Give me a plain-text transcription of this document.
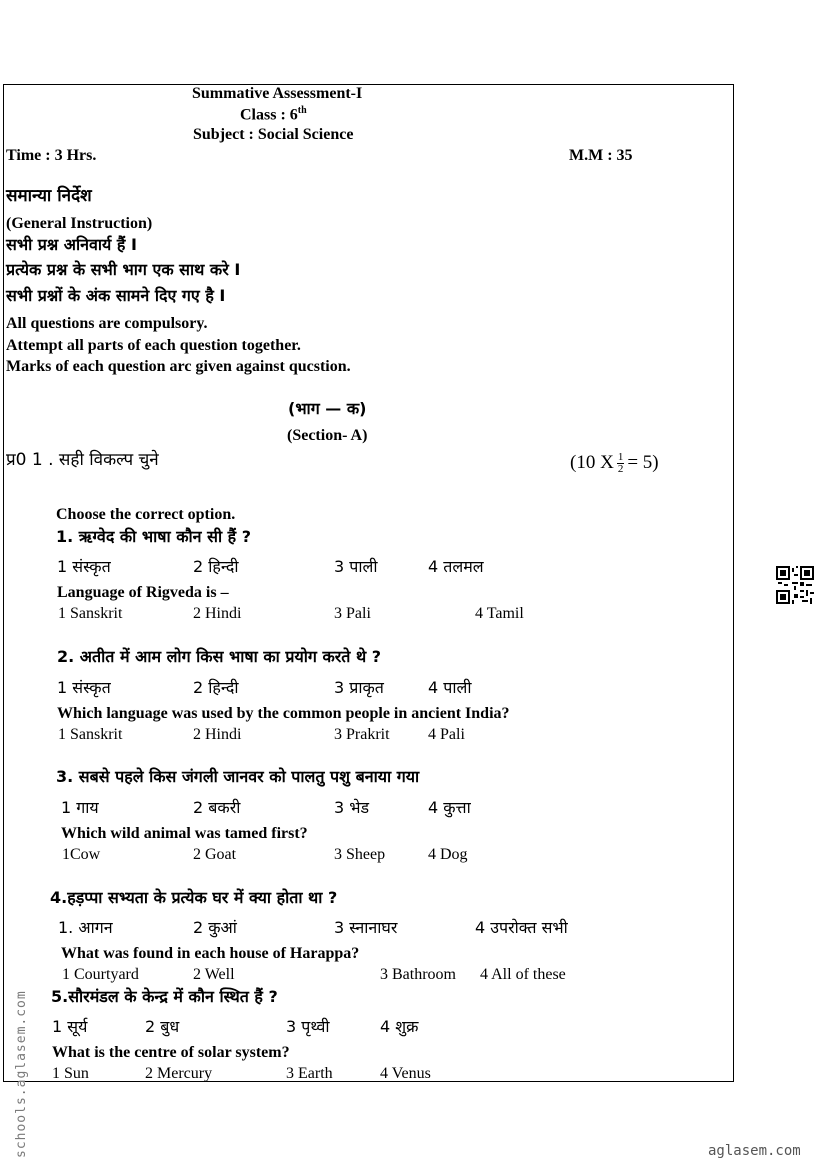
Summative Assessment-I
Class : 6th
Subject : Social Science
Time : 3 Hrs.	M.M : 35
समान्या निर्देश
(General Instruction)
सभी प्रश्न अनिवार्य हैं I
प्रत्येक प्रश्न के सभी भाग एक साथ करे I
सभी प्रश्नों के अंक सामने दिए गए है I
All questions are compulsory.
Attempt all parts of each question together.
Marks of each question arc given against qucstion.
(भाग — क)
(Section- A)
प्र0 1 . सही विकल्प चुने	(10 X $\frac{1}{2} = 5$)
Choose the correct option.
1. ऋग्वेद की भाषा कौन सी हैं ?
1 संस्कृत	2 हिन्दी	3 पाली	4 तलमल
Language of Rigveda is –
1 Sanskrit	2 Hindi	3 Pali	4 Tamil
2. अतीत में आम लोग किस भाषा का प्रयोग करते थे ?
1 संस्कृत	2 हिन्दी	3 प्राकृत	4 पाली
Which language was used by the common people in ancient India?
1 Sanskrit	2 Hindi	3 Prakrit 4 Pali
3. सबसे पहले किस जंगली जानवर को पालतु पशु बनाया गया
1 गाय	2 बकरी	3 भेड	4 कुत्ता
Which wild animal was tamed first?
1Cow	2 Goat	3 Sheep	4 Dog
4.हड़प्पा सभ्यता के प्रत्येक घर में क्या होता था ?
1. आगन	2 कुआं	3 स्नानाघर	4 उपरोक्त सभी
What was found in each house of Harappa?
1 Courtyard	2 Well	3 Bathroom 4 All of these
5.सौरमंडल के केन्द्र में कौन स्थित हैं ?
1 सूर्य	2 बुध	3 पृथ्वी	4 शुक्र
What is the centre of solar system?
1 Sun	2 Mercury	3 Earth	4 Venus
schools.aglasem.com	aglasem.com
